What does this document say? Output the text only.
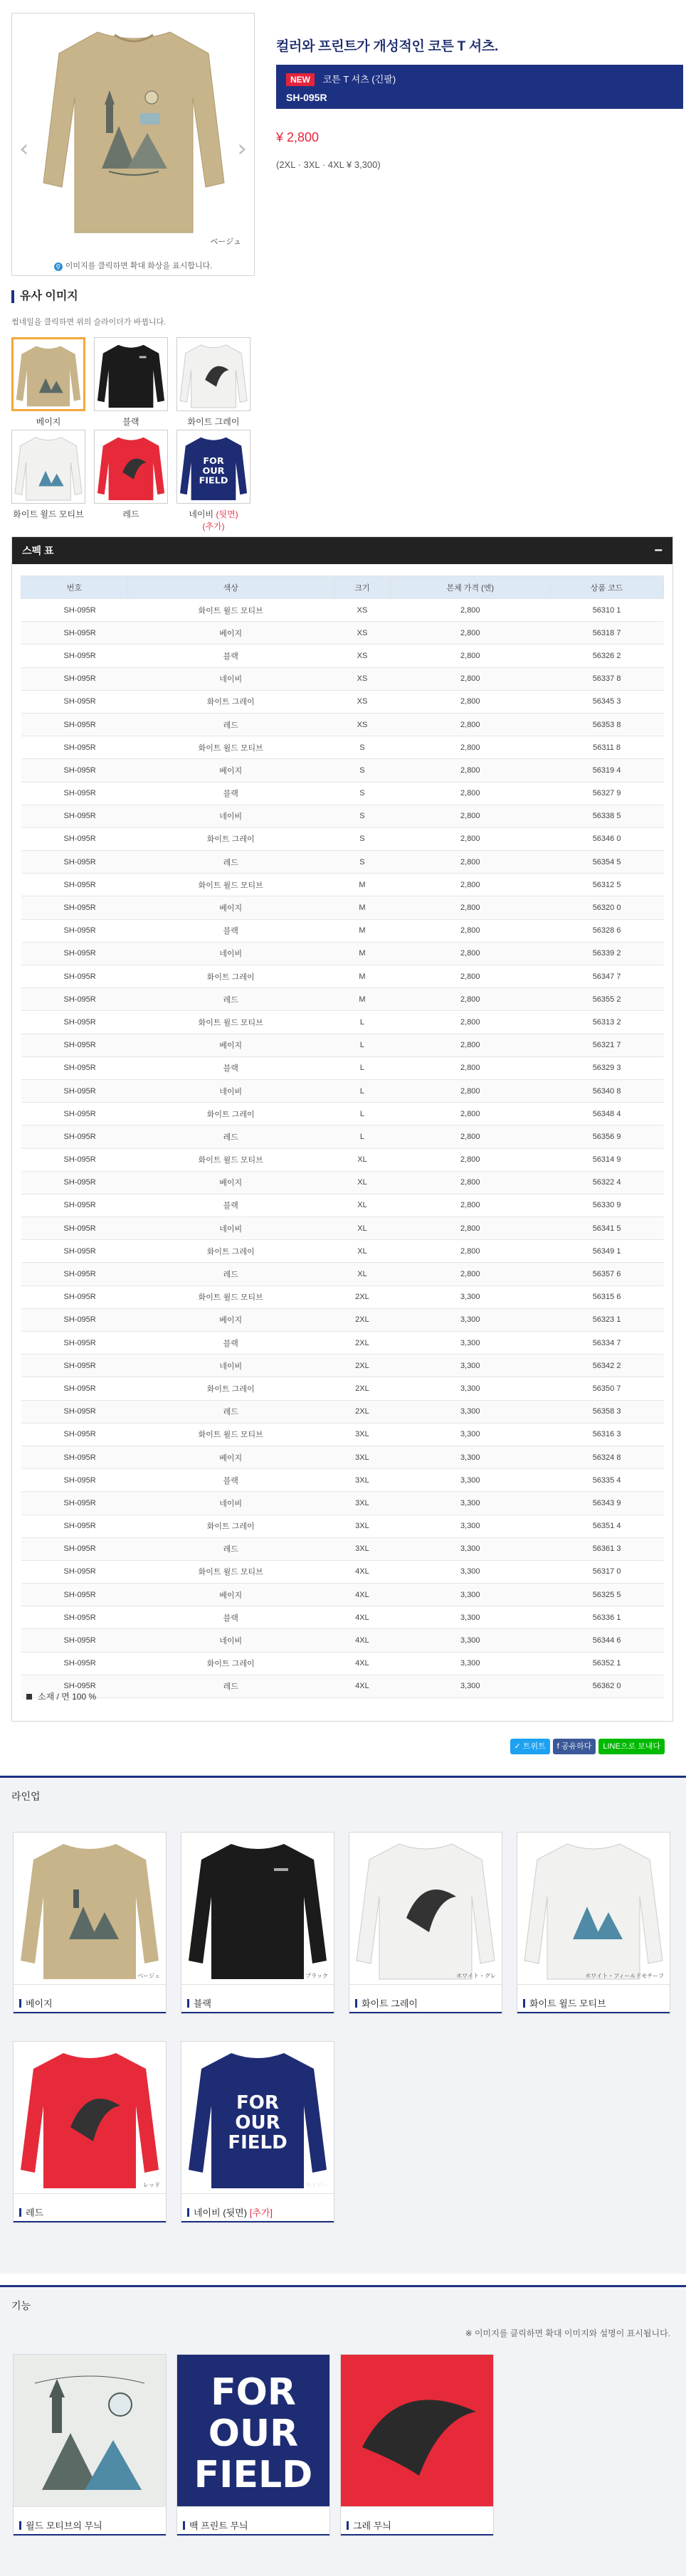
ベージュ
‹	›
⚲ 이미지를 클릭하면 확대 화상을 표시합니다.
컬러와 프린트가 개성적인 코튼 T 셔츠.
NEW 코튼 T 셔츠 (긴팔)
SH-095R
¥ 2,800
(2XL · 3XL · 4XL ¥ 3,300)
유사 이미지
썸네일을 클릭하면 위의 슬라이더가 바뀝니다.
베이지	블랙	화이트 그레이
화이트 윌드 모티브	레드
FOR
OUR
FIELD
네이비 (뒷면)
(추가)
스펙 표	−
번호	색상	크기	본체 가격 (엔)	상품 코드
SH-095R	화이트 윌드 모티브	XS	2,800	56310 1
SH-095R	베이지	XS	2,800	56318 7
SH-095R	블랙	XS	2,800	56326 2
SH-095R	네이비	XS	2,800	56337 8
SH-095R	화이트 그레이	XS	2,800	56345 3
SH-095R	레드	XS	2,800	56353 8
SH-095R	화이트 윌드 모티브	S	2,800	56311 8
SH-095R	베이지	S	2,800	56319 4
SH-095R	블랙	S	2,800	56327 9
SH-095R	네이비	S	2,800	56338 5
SH-095R	화이트 그레이	S	2,800	56346 0
SH-095R	레드	S	2,800	56354 5
SH-095R	화이트 윌드 모티브	M	2,800	56312 5
SH-095R	베이지	M	2,800	56320 0
SH-095R	블랙	M	2,800	56328 6
SH-095R	네이비	M	2,800	56339 2
SH-095R	화이트 그레이	M	2,800	56347 7
SH-095R	레드	M	2,800	56355 2
SH-095R	화이트 윌드 모티브	L	2,800	56313 2
SH-095R	베이지	L	2,800	56321 7
SH-095R	블랙	L	2,800	56329 3
SH-095R	네이비	L	2,800	56340 8
SH-095R	화이트 그레이	L	2,800	56348 4
SH-095R	레드	L	2,800	56356 9
SH-095R	화이트 윌드 모티브	XL	2,800	56314 9
SH-095R	베이지	XL	2,800	56322 4
SH-095R	블랙	XL	2,800	56330 9
SH-095R	네이비	XL	2,800	56341 5
SH-095R	화이트 그레이	XL	2,800	56349 1
SH-095R	레드	XL	2,800	56357 6
SH-095R	화이트 윌드 모티브	2XL	3,300	56315 6
SH-095R	베이지	2XL	3,300	56323 1
SH-095R	블랙	2XL	3,300	56334 7
SH-095R	네이비	2XL	3,300	56342 2
SH-095R	화이트 그레이	2XL	3,300	56350 7
SH-095R	레드	2XL	3,300	56358 3
SH-095R	화이트 윌드 모티브	3XL	3,300	56316 3
SH-095R	베이지	3XL	3,300	56324 8
SH-095R	블랙	3XL	3,300	56335 4
SH-095R	네이비	3XL	3,300	56343 9
SH-095R	화이트 그레이	3XL	3,300	56351 4
SH-095R	레드	3XL	3,300	56361 3
SH-095R	화이트 윌드 모티브	4XL	3,300	56317 0
SH-095R	베이지	4XL	3,300	56325 5
SH-095R	블랙	4XL	3,300	56336 1
SH-095R	네이비	4XL	3,300	56344 6
SH-095R	화이트 그레이	4XL	3,300	56352 1
SH-095R	레드	4XL	3,300	56362 0
소재 / 면 100 %
✓ 트위트 f 공유하다 LINE으로 보내다
라인업
ベージュ
베이지
ブラック
블랙
ホワイト・グレ
화이트 그레이
ホワイト・フィールドモチーフ
화이트 윌드 모티브
レッド
레드
FOR
OUR
FIELD
ネイビー
네이비 (뒷면) [추가]
기능
※ 이미지를 클릭하면 확대 이미지와 설명이 표시됩니다.
윌드 모티브의 무늬
FOR
OUR
FIELD
백 프린트 무늬	그레 무늬
